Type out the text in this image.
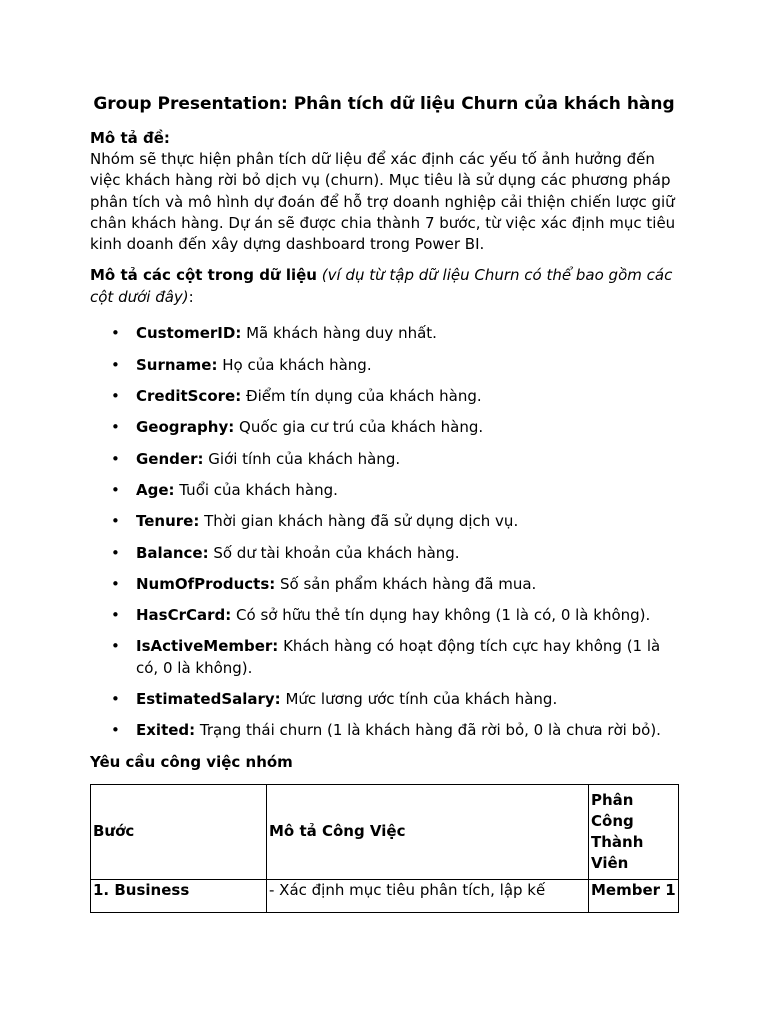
Group Presentation: Phân tích dữ liệu Churn của khách hàng

Mô tả đề:

Nhóm sẽ thực hiện phân tích dữ liệu để xác định các yếu tố ảnh hưởng đến việc khách hàng rời bỏ dịch vụ (churn). Mục tiêu là sử dụng các phương pháp phân tích và mô hình dự đoán để hỗ trợ doanh nghiệp cải thiện chiến lược giữ chân khách hàng. Dự án sẽ được chia thành 7 bước, từ việc xác định mục tiêu kinh doanh đến xây dựng dashboard trong Power BI.

Mô tả các cột trong dữ liệu (ví dụ từ tập dữ liệu Churn có thể bao gồm các cột dưới đây):

• CustomerID: Mã khách hàng duy nhất.
• Surname: Họ của khách hàng.
• CreditScore: Điểm tín dụng của khách hàng.
• Geography: Quốc gia cư trú của khách hàng.
• Gender: Giới tính của khách hàng.
• Age: Tuổi của khách hàng.
• Tenure: Thời gian khách hàng đã sử dụng dịch vụ.
• Balance: Số dư tài khoản của khách hàng.
• NumOfProducts: Số sản phẩm khách hàng đã mua.
• HasCrCard: Có sở hữu thẻ tín dụng hay không (1 là có, 0 là không).
• IsActiveMember: Khách hàng có hoạt động tích cực hay không (1 là có, 0 là không).
• EstimatedSalary: Mức lương ước tính của khách hàng.
• Exited: Trạng thái churn (1 là khách hàng đã rời bỏ, 0 là chưa rời bỏ).

Yêu cầu công việc nhóm

Bước	Mô tả Công Việc	Phân Công Thành Viên
1. Business	- Xác định mục tiêu phân tích, lập kế	Member 1
